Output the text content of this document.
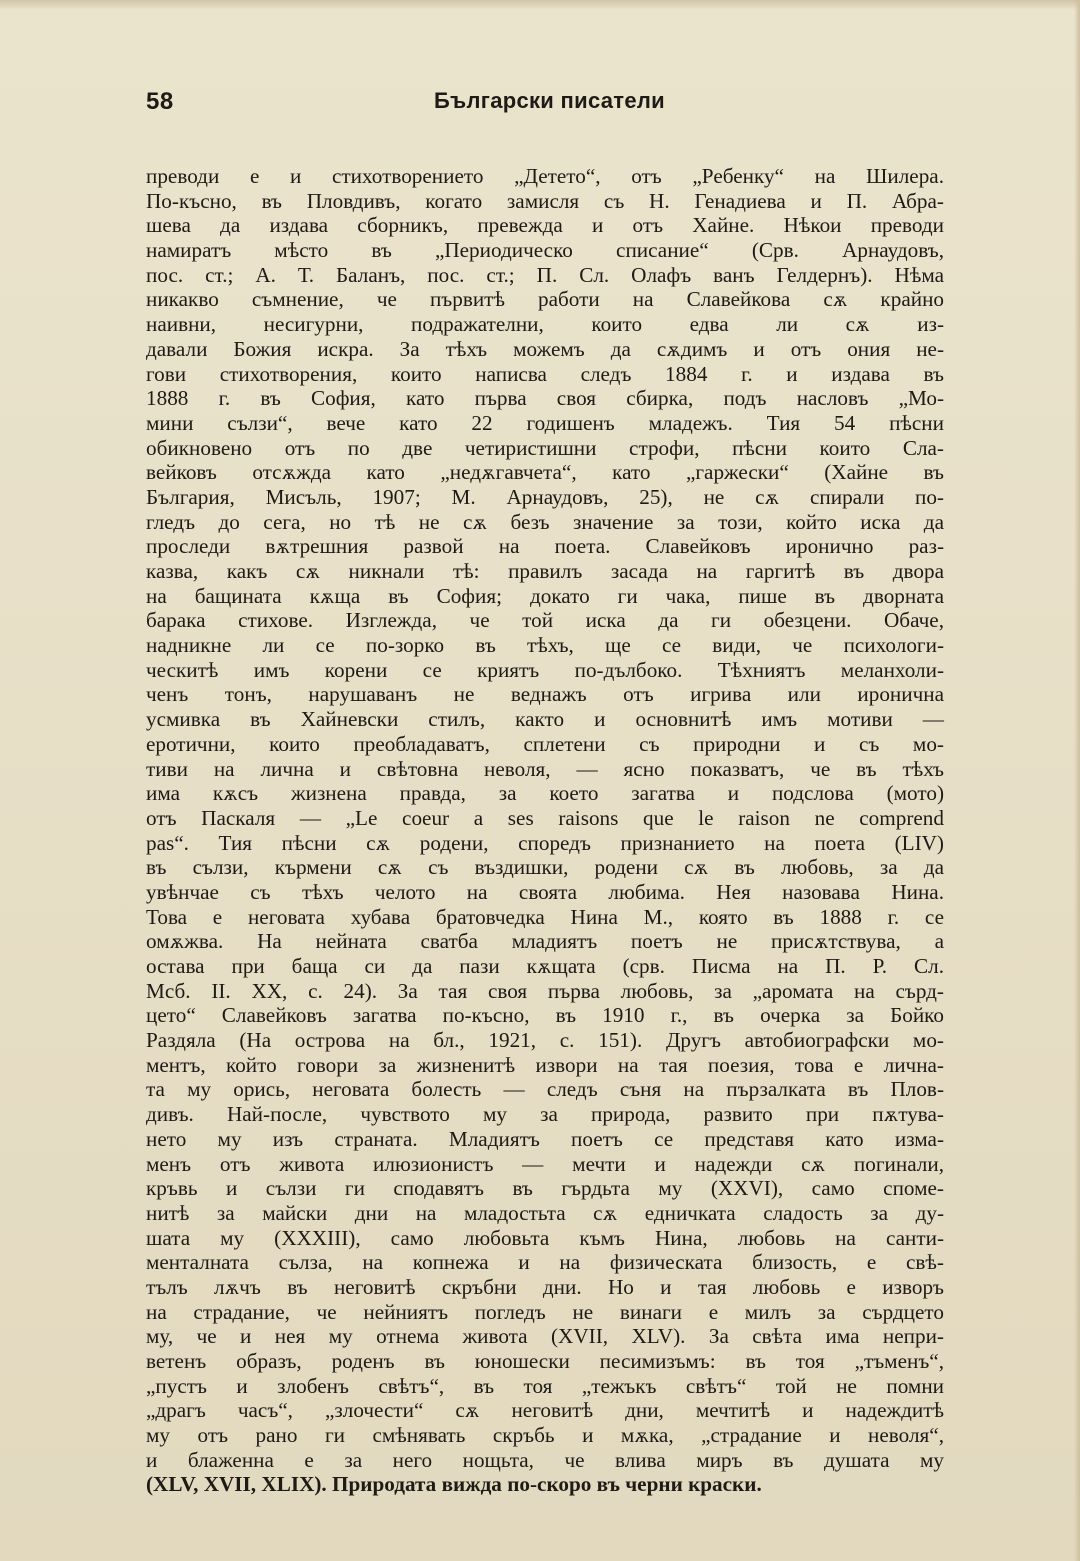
58	Български писатели
преводи е и стихотворението „Детето“, отъ „Ребенку“ на Шилера.
По-късно, въ Пловдивъ, когато замисля съ Н. Генадиева и П. Абра-
шева да издава сборникъ, превежда и отъ Хайне. Нѣкои преводи
намиратъ мѣсто въ „Периодическо списание“ (Срв. Арнаудовъ,
пос. ст.; А. Т. Баланъ, пос. ст.; П. Сл. Олафъ ванъ Гелдернъ). Нѣма
никакво съмнение, че първитѣ работи на Славейкова сѫ крайно
наивни, несигурни, подражателни, които едва ли сѫ из-
давали Божия искра. За тѣхъ можемъ да сѫдимъ и отъ ония не-
гови стихотворения, които написва следъ 1884 г. и издава въ
1888 г. въ София, като първа своя сбирка, подъ насловъ „Мо-
мини сълзи“, вече като 22 годишенъ младежъ. Тия 54 пѣсни
обикновено отъ по две четиристишни строфи, пѣсни които Сла-
вейковъ отсѫжда като „недѫгавчета“, като „гаржески“ (Хайне въ
България, Мисъль, 1907; М. Арнаудовъ, 25), не сѫ спирали по-
гледъ до сега, но тѣ не сѫ безъ значение за този, който иска да
проследи вѫтрешния развой на поета. Славейковъ иронично раз-
казва, какъ сѫ никнали тѣ: правилъ засада на гаргитѣ въ двора
на бащината кѫща въ София; докато ги чака, пише въ дворната
барака стихове. Изглежда, че той иска да ги обезцени. Обаче,
надникне ли се по-зорко въ тѣхъ, ще се види, че психологи-
ческитѣ имъ корени се криятъ по-дълбоко. Тѣхниятъ меланхоли-
ченъ тонъ, нарушаванъ не веднажъ отъ игрива или иронична
усмивка въ Хайневски стилъ, както и основнитѣ имъ мотиви —
еротични, които преобладаватъ, сплетени съ природни и съ мо-
тиви на лична и свѣтовна неволя, — ясно показватъ, че въ тѣхъ
има кѫсъ жизнена правда, за което загатва и подслова (мото)
отъ Паскаля — „Le coeur a ses raisons que le raison ne comprend
pas“. Тия пѣсни сѫ родени, споредъ признанието на поета (LIV)
въ сълзи, кърмени сѫ съ въздишки, родени сѫ въ любовь, за да
увѣнчае съ тѣхъ челото на своята любима. Нея назовава Нина.
Това е неговата хубава братовчедка Нина М., която въ 1888 г. се
омѫжва. На нейната сватба младиятъ поетъ не присѫтствува, а
остава при баща си да пази кѫщата (срв. Писма на П. Р. Сл.
Мсб. II. XX, с. 24). За тая своя първа любовь, за „аромата на сърд-
цето“ Славейковъ загатва по-късно, въ 1910 г., въ очерка за Бойко
Раздяла (На острова на бл., 1921, с. 151). Другъ автобиографски мо-
ментъ, който говори за жизненитѣ извори на тая поезия, това е лична-
та му орись, неговата болесть — следъ съня на пързалката въ Плов-
дивъ. Най-после, чувството му за природа, развито при пѫтува-
нето му изъ страната. Младиятъ поетъ се представя като изма-
менъ отъ живота илюзионистъ — мечти и надежди сѫ погинали,
кръвь и сълзи ги сподавятъ въ гърдьта му (XXVI), само споме-
нитѣ за майски дни на младостьта сѫ едничката сладость за ду-
шата му (XXXIII), само любовьта къмъ Нина, любовь на санти-
менталната сълза, на копнежа и на физическата близость, е свѣ-
тълъ лѫчъ въ неговитѣ скръбни дни. Но и тая любовь е изворъ
на страдание, че нейниятъ погледъ не винаги е милъ за сърдцето
му, че и нея му отнема живота (XVII, XLV). За свѣта има непри-
ветенъ образъ, роденъ въ юношески песимизъмъ: въ тоя „тъменъ“,
„пустъ и злобенъ свѣтъ“, въ тоя „тежъкъ свѣтъ“ той не помни
„драгъ часъ“, „злочести“ сѫ неговитѣ дни, мечтитѣ и надеждитѣ
му отъ рано ги смѣнявать скръбь и мѫка, „страдание и неволя“,
и блаженна е за него нощьта, че влива миръ въ душата му
(XLV, XVII, XLIX). Природата вижда по-скоро въ черни краски.
